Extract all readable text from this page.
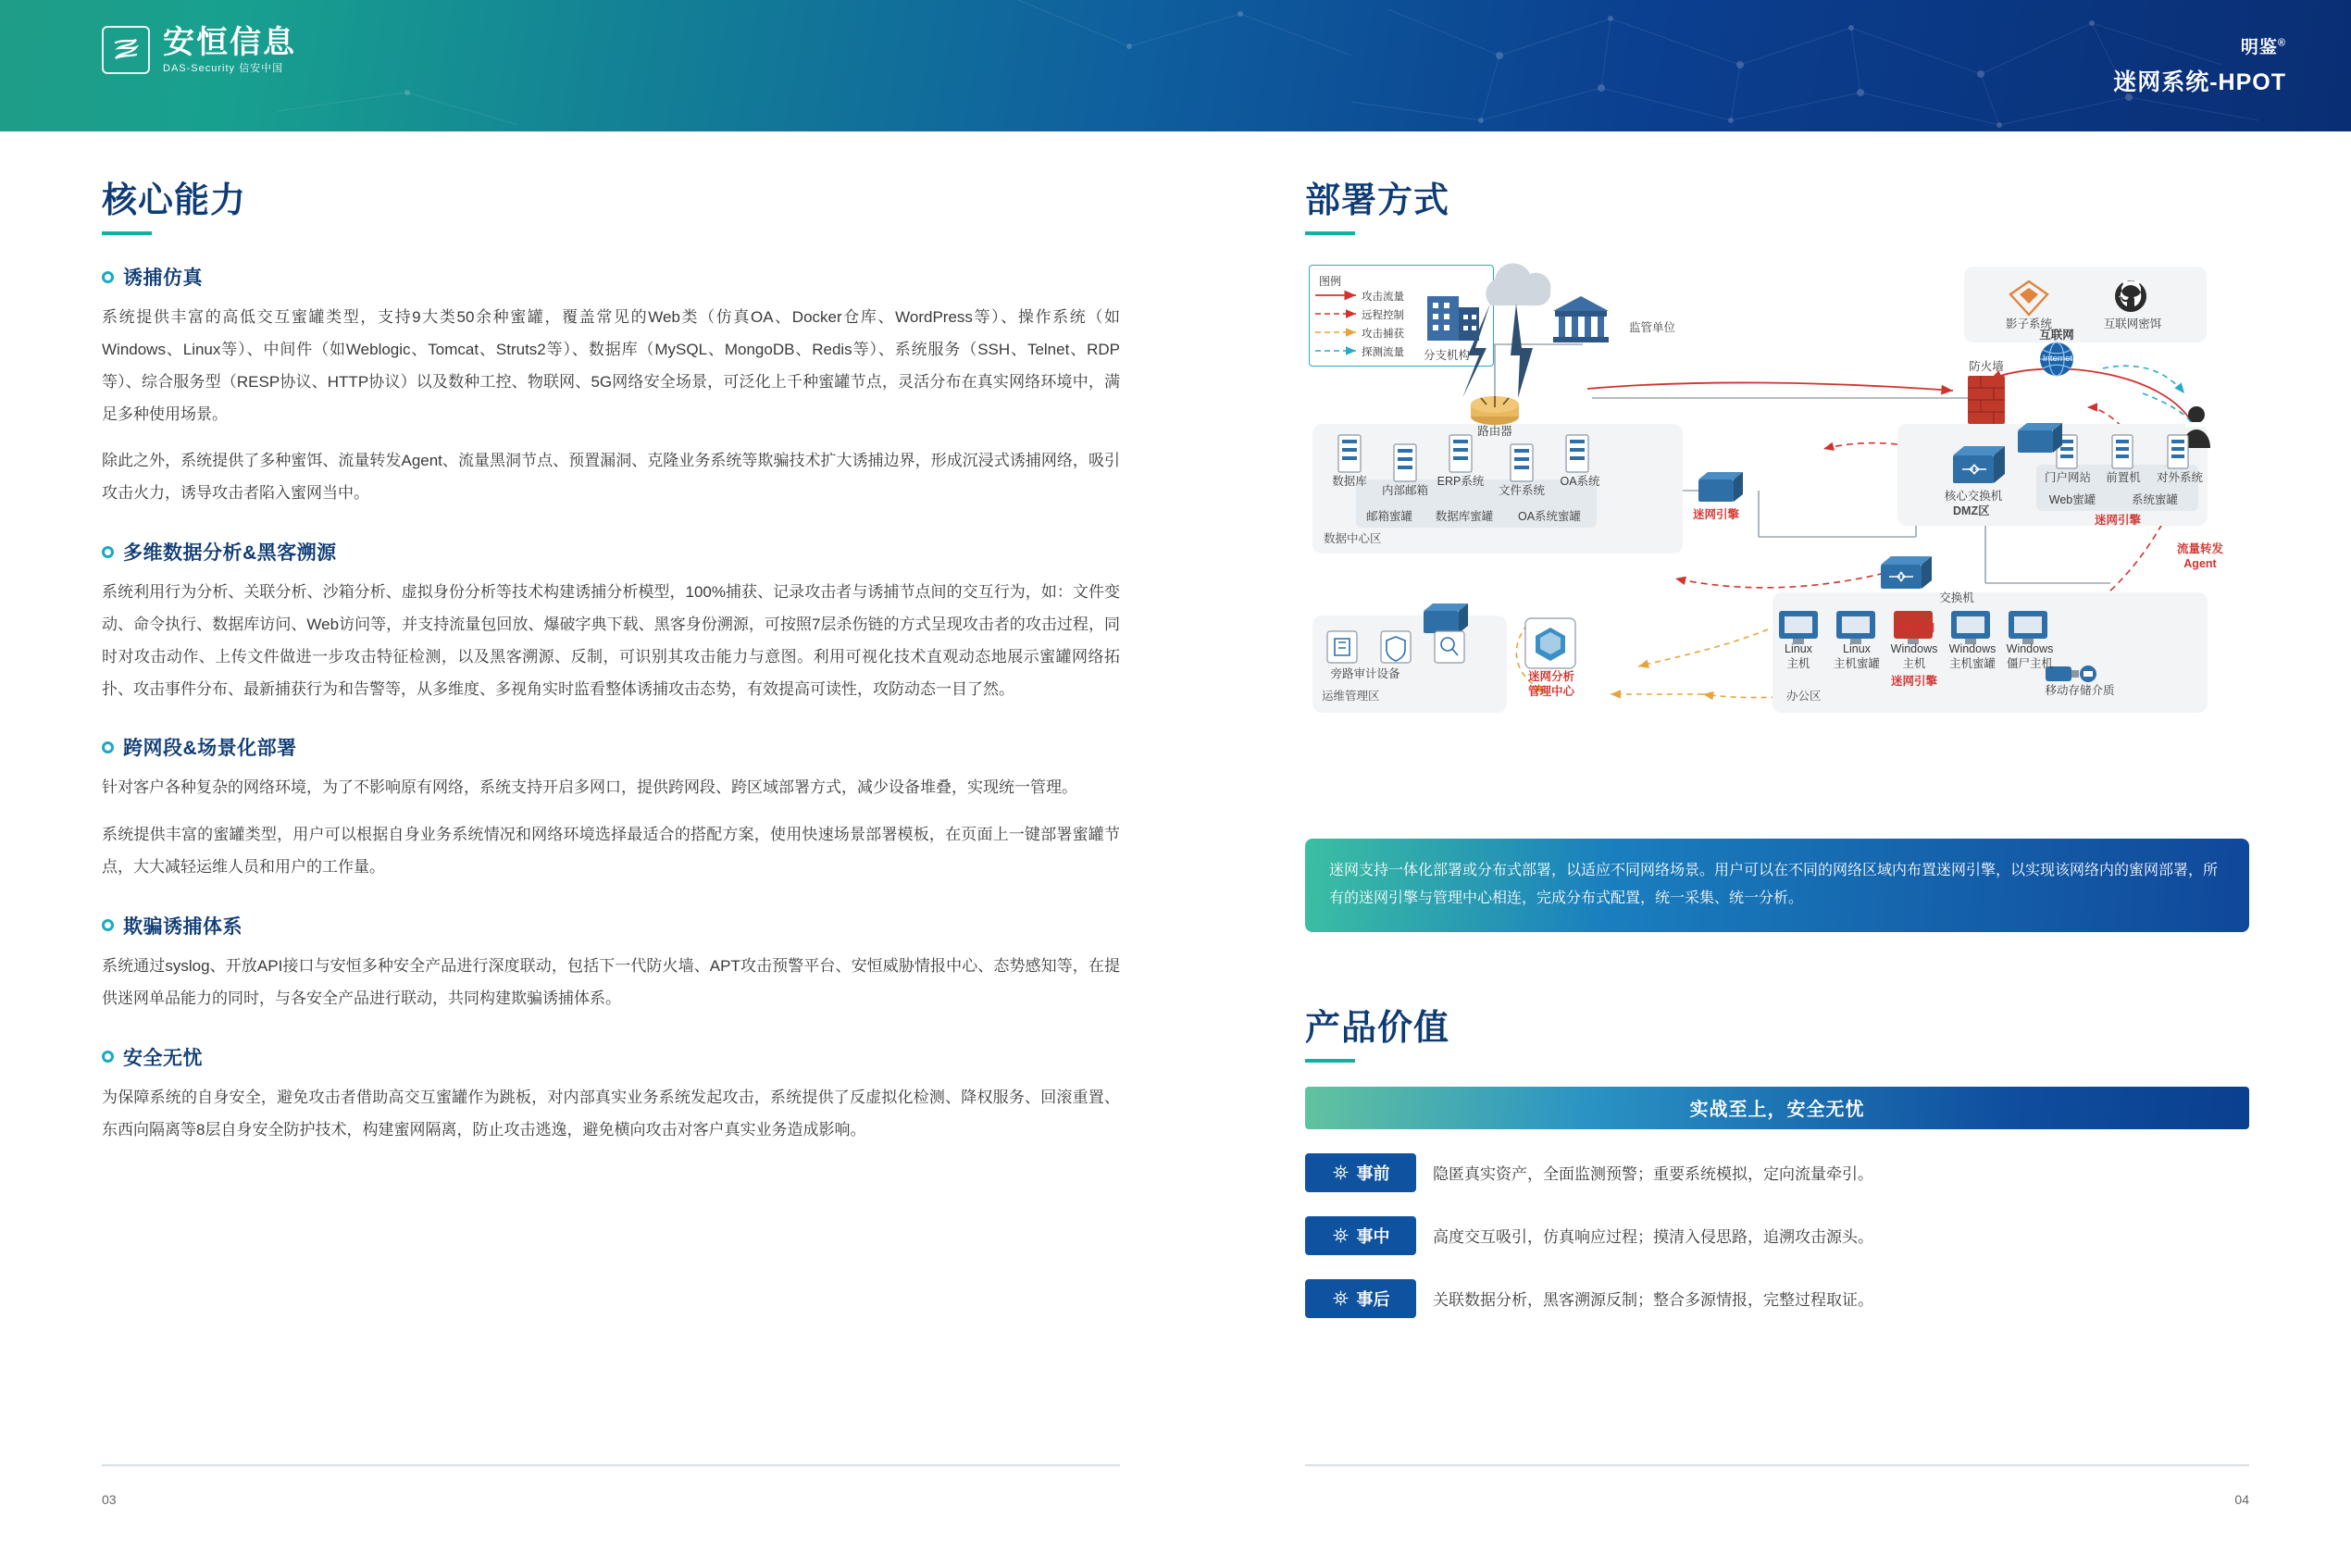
安恒信息
DAS-Security 信安中国
明鉴®
迷网系统-HPOT
核心能力
诱捕仿真

系统提供丰富的高低交互蜜罐类型，支持9大类50余种蜜罐，覆盖常见的Web类（仿真OA、Docker仓库、WordPress等）、操作系统（如Windows、Linux等）、中间件（如Weblogic、Tomcat、Struts2等）、数据库（MySQL、MongoDB、Redis等）、系统服务（SSH、Telnet、RDP等）、综合服务型（RESP协议、HTTP协议）以及数种工控、物联网、5G网络安全场景，可泛化上千种蜜罐节点，灵活分布在真实网络环境中，满足多种使用场景。

除此之外，系统提供了多种蜜饵、流量转发Agent、流量黑洞节点、预置漏洞、克隆业务系统等欺骗技术扩大诱捕边界，形成沉浸式诱捕网络，吸引攻击火力，诱导攻击者陷入蜜网当中。

多维数据分析&黑客溯源

系统利用行为分析、关联分析、沙箱分析、虚拟身份分析等技术构建诱捕分析模型，100%捕获、记录攻击者与诱捕节点间的交互行为，如：文件变动、命令执行、数据库访问、Web访问等，并支持流量包回放、爆破字典下载、黑客身份溯源，可按照7层杀伤链的方式呈现攻击者的攻击过程，同时对攻击动作、上传文件做进一步攻击特征检测，以及黑客溯源、反制，可识别其攻击能力与意图。利用可视化技术直观动态地展示蜜罐网络拓扑、攻击事件分布、最新捕获行为和告警等，从多维度、多视角实时监看整体诱捕攻击态势，有效提高可读性，攻防动态一目了然。

跨网段&场景化部署

针对客户各种复杂的网络环境，为了不影响原有网络，系统支持开启多网口，提供跨网段、跨区域部署方式，减少设备堆叠，实现统一管理。

系统提供丰富的蜜罐类型，用户可以根据自身业务系统情况和网络环境选择最适合的搭配方案，使用快速场景部署模板，在页面上一键部署蜜罐节点，大大减轻运维人员和用户的工作量。

欺骗诱捕体系

系统通过syslog、开放API接口与安恒多种安全产品进行深度联动，包括下一代防火墙、APT攻击预警平台、安恒威胁情报中心、态势感知等，在提供迷网单品能力的同时，与各安全产品进行联动，共同构建欺骗诱捕体系。

安全无忧

为保障系统的自身安全，避免攻击者借助高交互蜜罐作为跳板，对内部真实业务系统发起攻击，系统提供了反虚拟化检测、降权服务、回滚重置、东西向隔离等8层自身安全防护技术，构建蜜网隔离，防止攻击逃逸，避免横向攻击对客户真实业务造成影响。

03
部署方式
图例
攻击流量
远程控制
攻击捕获
探测流量
数据中心区
DMZ区
办公区
运维管理区
分支机构
监管单位
路由器
防火墙
核心交换机
交换机
互联网
Internet
影子系统	互联网密饵
数据库
内部邮箱
ERP系统
文件系统
OA系统
邮箱蜜罐	数据库蜜罐	OA系统蜜罐	迷网引擎
门户网站	前置机	对外系统
Web蜜罐	系统蜜罐
迷网引擎
流量转发
Agent
旁路审计设备	迷网分析
管理中心
Linux
主机
Linux
主机蜜罐
Windows
主机
流量黑洞
Windows
主机蜜罐
Windows
僵尸主机
迷网引擎
移动存储介质
迷网支持一体化部署或分布式部署，以适应不同网络场景。用户可以在不同的网络区域内布置迷网引擎，以实现该网络内的蜜网部署，所有的迷网引擎与管理中心相连，完成分布式配置，统一采集、统一分析。
产品价值
实战至上，安全无忧
事前	隐匿真实资产，全面监测预警；重要系统模拟，定向流量牵引。
事中	高度交互吸引，仿真响应过程；摸清入侵思路，追溯攻击源头。
事后	关联数据分析，黑客溯源反制；整合多源情报，完整过程取证。
04
